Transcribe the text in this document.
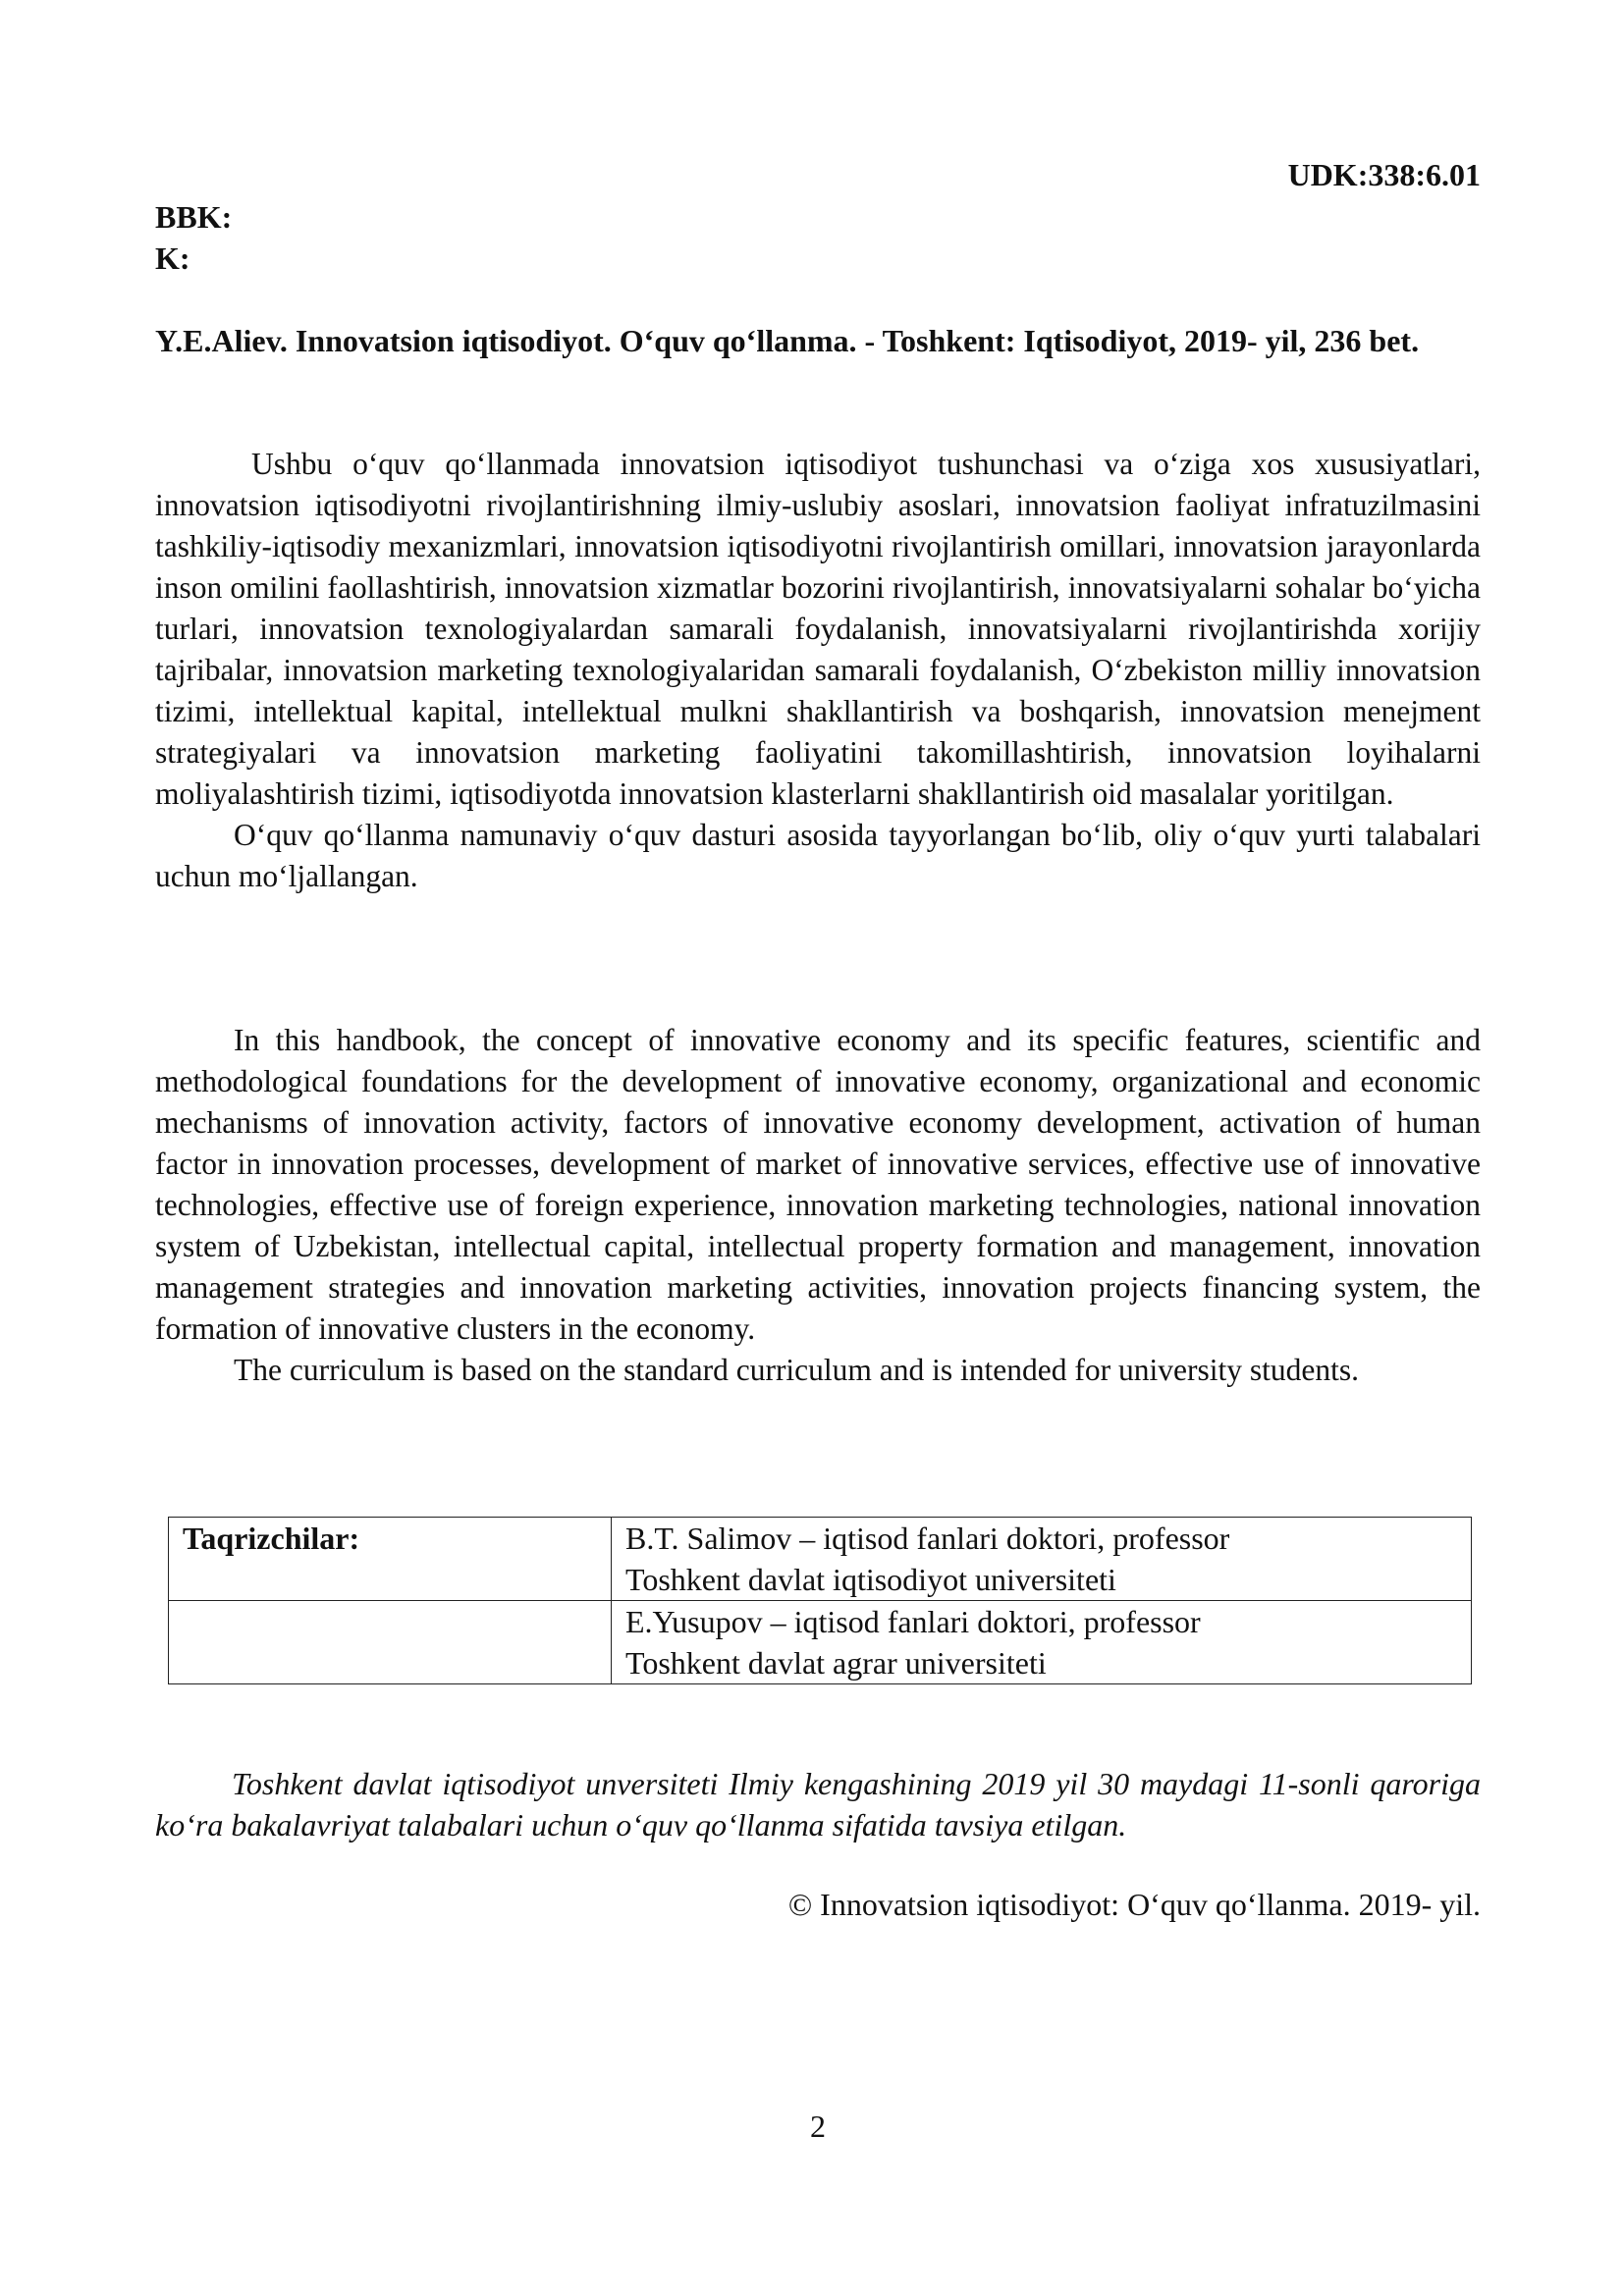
UDK:338:6.01
BBK:
K:
Y.E.Aliev. Innovatsion iqtisodiyot. O‘quv qo‘llanma. - Toshkent: Iqtisodiyot, 2019- yil, 236 bet.

Ushbu o‘quv qo‘llanmada innovatsion iqtisodiyot tushunchasi va o‘ziga xos xususiyatlari, innovatsion iqtisodiyotni rivojlantirishning ilmiy-uslubiy asoslari, innovatsion faoliyat infratuzilmasini tashkiliy-iqtisodiy mexanizmlari, innovatsion iqtisodiyotni rivojlantirish omillari, innovatsion jarayonlarda inson omilini faollashtirish, innovatsion xizmatlar bozorini rivojlantirish, innovatsiyalarni sohalar bo‘yicha turlari, innovatsion texnologiyalardan samarali foydalanish, innovatsiyalarni rivojlantirishda xorijiy tajribalar, innovatsion marketing texnologiyalaridan samarali foydalanish, O‘zbekiston milliy innovatsion tizimi, intellektual kapital, intellektual mulkni shakllantirish va boshqarish, innovatsion menejment strategiyalari va innovatsion marketing faoliyatini takomillashtirish, innovatsion loyihalarni moliyalashtirish tizimi, iqtisodiyotda innovatsion klasterlarni shakllantirish oid masalalar yoritilgan.

O‘quv qo‘llanma namunaviy o‘quv dasturi asosida tayyorlangan bo‘lib, oliy o‘quv yurti talabalari uchun mo‘ljallangan.

In this handbook, the concept of innovative economy and its specific features, scientific and methodological foundations for the development of innovative economy, organizational and economic mechanisms of innovation activity, factors of innovative economy development, activation of human factor in innovation processes, development of market of innovative services, effective use of innovative technologies, effective use of foreign experience, innovation marketing technologies, national innovation system of Uzbekistan, intellectual capital, intellectual property formation and management, innovation management strategies and innovation marketing activities, innovation projects financing system, the formation of innovative clusters in the economy.

The curriculum is based on the standard curriculum and is intended for university students.

Taqrizchilar:	B.T. Salimov – iqtisod fanlari doktori, professor
Toshkent davlat iqtisodiyot universiteti

	E.Yusupov – iqtisod fanlari doktori, professor
Toshkent davlat agrar universiteti
Toshkent davlat iqtisodiyot unversiteti Ilmiy kengashining 2019 yil 30 maydagi 11-sonli qaroriga ko‘ra bakalavriyat talabalari uchun o‘quv qo‘llanma sifatida tavsiya etilgan.
© Innovatsion iqtisodiyot: O‘quv qo‘llanma. 2019- yil.
2
